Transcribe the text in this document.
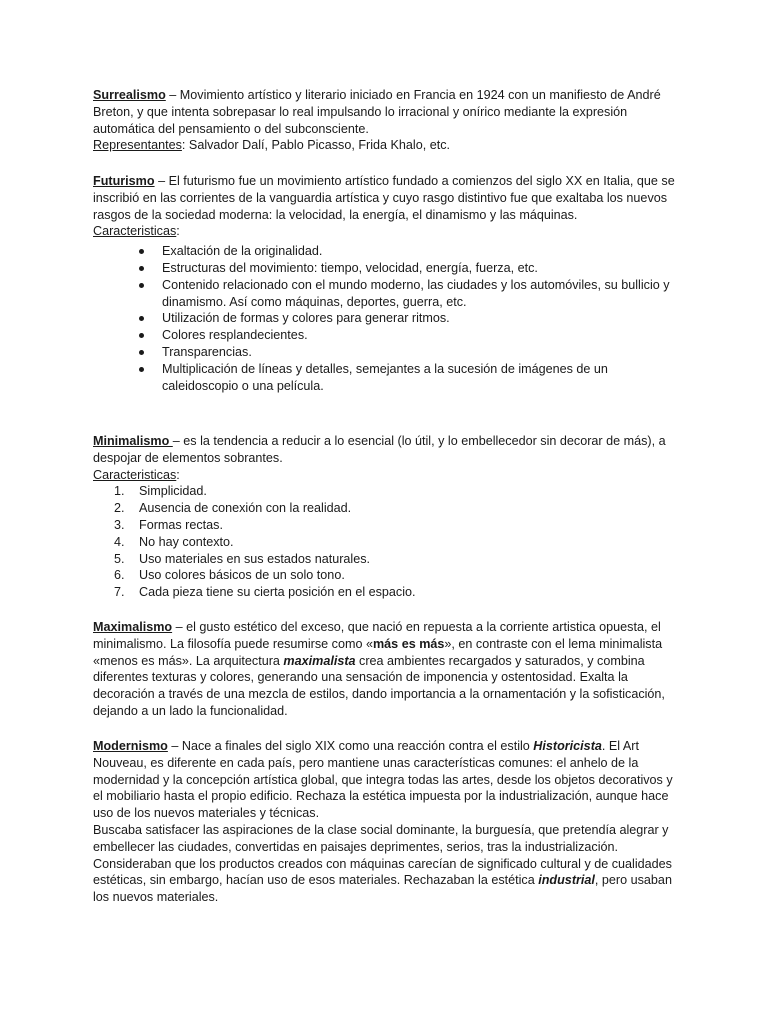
Surrealismo – Movimiento artístico y literario iniciado en Francia en 1924 con un manifiesto de André Breton, y que intenta sobrepasar lo real impulsando lo irracional y onírico mediante la expresión automática del pensamiento o del subconsciente.

Representantes: Salvador Dalí, Pablo Picasso, Frida Khalo, etc.

Futurismo – El futurismo fue un movimiento artístico fundado a comienzos del siglo XX en Italia, que se inscribió en las corrientes de la vanguardia artística y cuyo rasgo distintivo fue que exaltaba los nuevos rasgos de la sociedad moderna: la velocidad, la energía, el dinamismo y las máquinas.

Caracteristicas:

Exaltación de la originalidad.
Estructuras del movimiento: tiempo, velocidad, energía, fuerza, etc.
Contenido relacionado con el mundo moderno, las ciudades y los automóviles, su bullicio y dinamismo. Así como máquinas, deportes, guerra, etc.
Utilización de formas y colores para generar ritmos.
Colores resplandecientes.
Transparencias.
Multiplicación de líneas y detalles, semejantes a la sucesión de imágenes de un caleidoscopio o una película.

Minimalismo – es la tendencia a reducir a lo esencial (lo útil, y lo embellecedor sin decorar de más), a despojar de elementos sobrantes.

Caracteristicas:

1. Simplicidad.
2. Ausencia de conexión con la realidad.
3. Formas rectas.
4. No hay contexto.
5. Uso materiales en sus estados naturales.
6. Uso colores básicos de un solo tono.
7. Cada pieza tiene su cierta posición en el espacio.

Maximalismo – el gusto estético del exceso, que nació en repuesta a la corriente artistica opuesta, el minimalismo. La filosofía puede resumirse como «más es más», en contraste con el lema minimalista «menos es más». La arquitectura maximalista crea ambientes recargados y saturados, y combina diferentes texturas y colores, generando una sensación de imponencia y ostentosidad. Exalta la decoración a través de una mezcla de estilos, dando importancia a la ornamentación y la sofisticación, dejando a un lado la funcionalidad.

Modernismo – Nace a finales del siglo XIX como una reacción contra el estilo Historicista. El Art Nouveau, es diferente en cada país, pero mantiene unas características comunes: el anhelo de la modernidad y la concepción artística global, que integra todas las artes, desde los objetos decorativos y el mobiliario hasta el propio edificio. Rechaza la estética impuesta por la industrialización, aunque hace uso de los nuevos materiales y técnicas.

Buscaba satisfacer las aspiraciones de la clase social dominante, la burguesía, que pretendía alegrar y embellecer las ciudades, convertidas en paisajes deprimentes, serios, tras la industrialización.

Consideraban que los productos creados con máquinas carecían de significado cultural y de cualidades estéticas, sin embargo, hacían uso de esos materiales. Rechazaban la estética industrial, pero usaban los nuevos materiales.
